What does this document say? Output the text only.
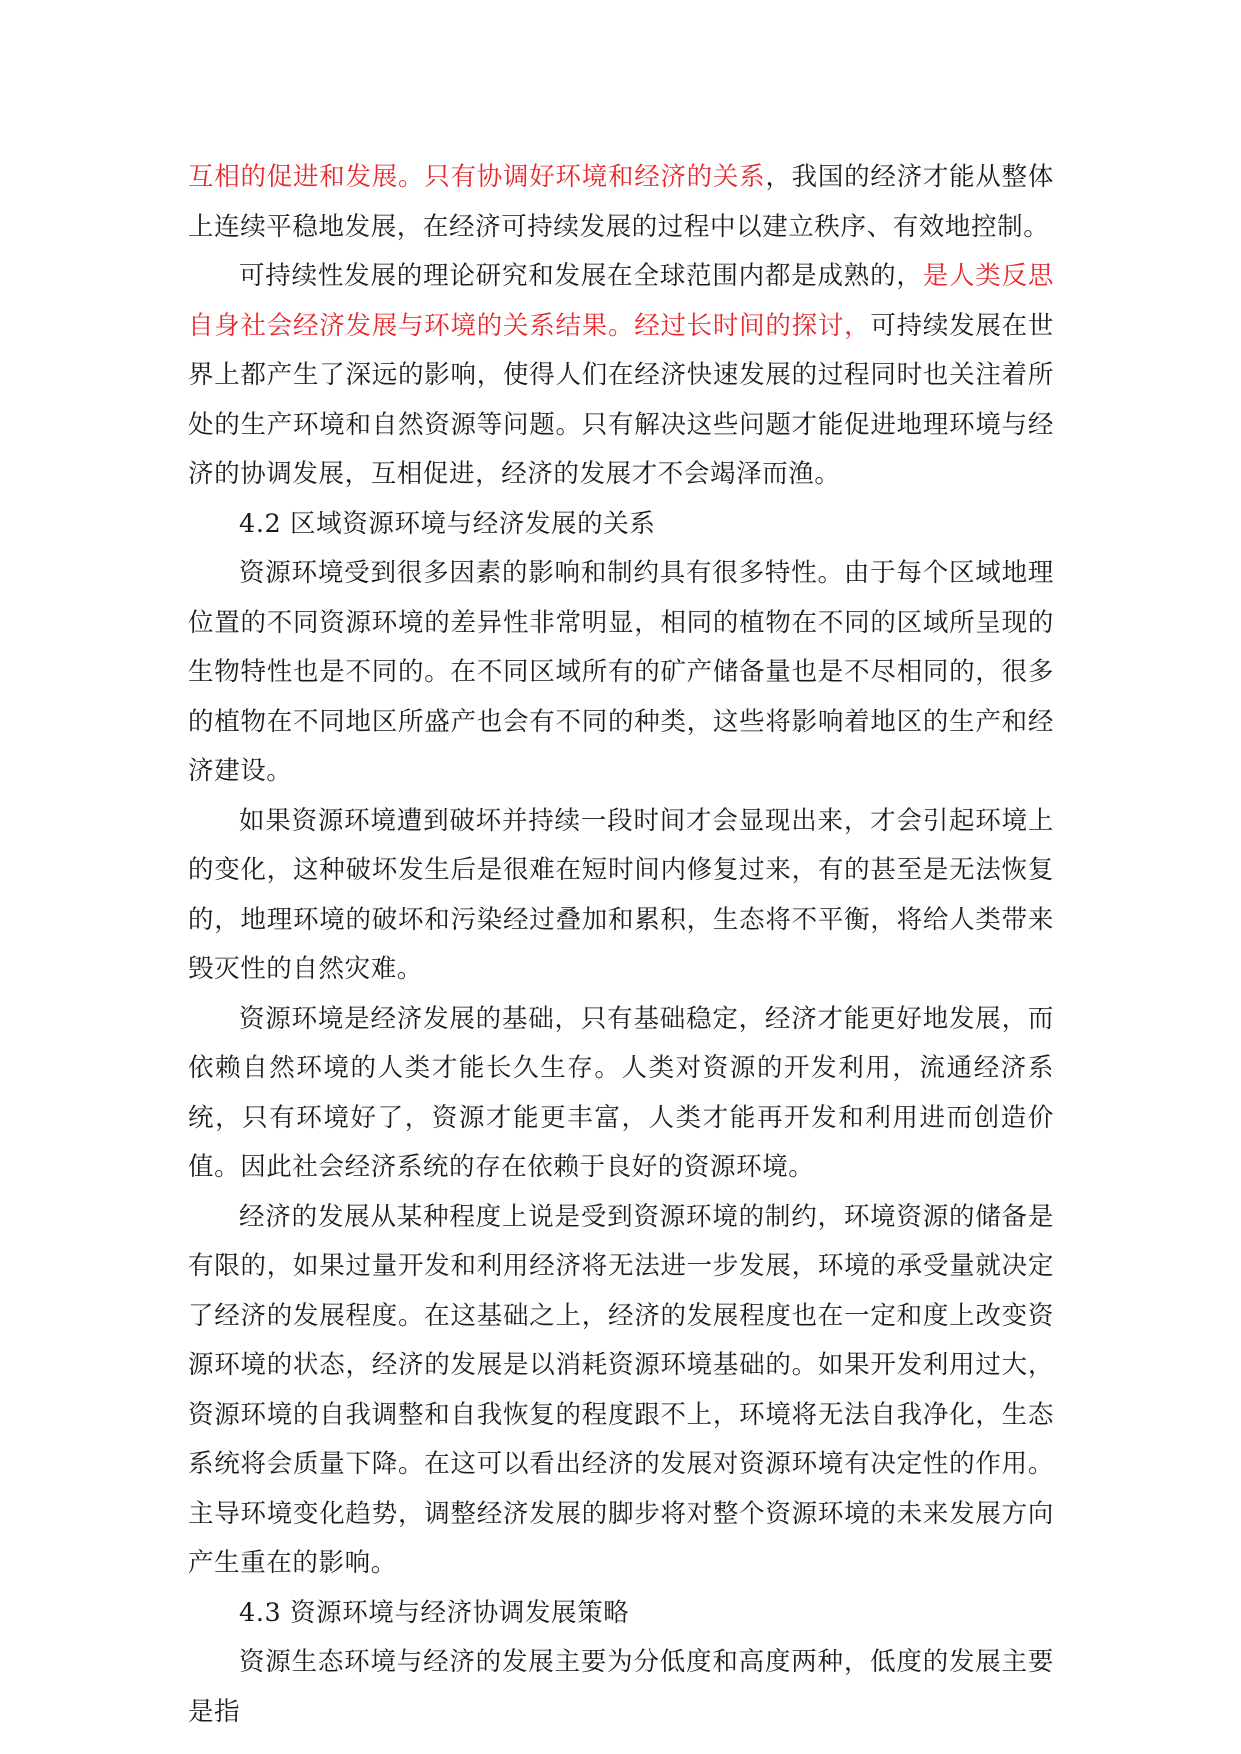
互相的促进和发展。只有协调好环境和经济的关系，我国的经济才能从整体上连续平稳地发展，在经济可持续发展的过程中以建立秩序、有效地控制。

可持续性发展的理论研究和发展在全球范围内都是成熟的，是人类反思自身社会经济发展与环境的关系结果。经过长时间的探讨，可持续发展在世界上都产生了深远的影响，使得人们在经济快速发展的过程同时也关注着所处的生产环境和自然资源等问题。只有解决这些问题才能促进地理环境与经济的协调发展，互相促进，经济的发展才不会竭泽而渔。

4.2 区域资源环境与经济发展的关系

资源环境受到很多因素的影响和制约具有很多特性。由于每个区域地理位置的不同资源环境的差异性非常明显，相同的植物在不同的区域所呈现的生物特性也是不同的。在不同区域所有的矿产储备量也是不尽相同的，很多的植物在不同地区所盛产也会有不同的种类，这些将影响着地区的生产和经济建设。

如果资源环境遭到破坏并持续一段时间才会显现出来，才会引起环境上的变化，这种破坏发生后是很难在短时间内修复过来，有的甚至是无法恢复的，地理环境的破坏和污染经过叠加和累积，生态将不平衡，将给人类带来毁灭性的自然灾难。

资源环境是经济发展的基础，只有基础稳定，经济才能更好地发展，而依赖自然环境的人类才能长久生存。人类对资源的开发利用，流通经济系统，只有环境好了，资源才能更丰富，人类才能再开发和利用进而创造价值。因此社会经济系统的存在依赖于良好的资源环境。

经济的发展从某种程度上说是受到资源环境的制约，环境资源的储备是有限的，如果过量开发和利用经济将无法进一步发展，环境的承受量就决定了经济的发展程度。在这基础之上，经济的发展程度也在一定和度上改变资源环境的状态，经济的发展是以消耗资源环境基础的。如果开发利用过大，资源环境的自我调整和自我恢复的程度跟不上，环境将无法自我净化，生态系统将会质量下降。在这可以看出经济的发展对资源环境有决定性的作用。主导环境变化趋势，调整经济发展的脚步将对整个资源环境的未来发展方向产生重在的影响。

4.3 资源环境与经济协调发展策略

资源生态环境与经济的发展主要为分低度和高度两种，低度的发展主要是指
